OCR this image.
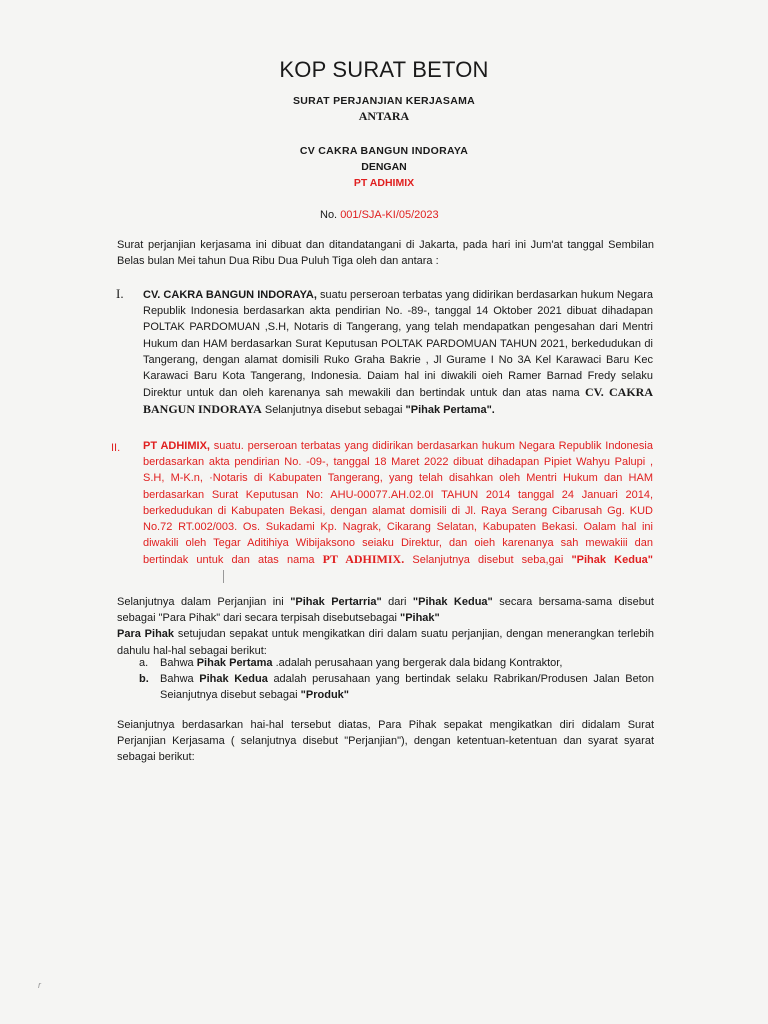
KOP SURAT BETON
SURAT PERJANJIAN KERJASAMA
ANTARA
CV CAKRA BANGUN INDORAYA
DENGAN
PT ADHIMIX
No. 001/SJA-KI/05/2023
Surat perjanjian kerjasama ini dibuat dan ditandatangani di Jakarta, pada hari ini Jum'at tanggal Sembilan Belas bulan Mei tahun Dua Ribu Dua Puluh Tiga oleh dan antara :
I. CV. CAKRA BANGUN INDORAYA, suatu perseroan terbatas yang didirikan berdasarkan hukum Negara Republik Indonesia berdasarkan akta pendirian No. -89-, tanggal 14 Oktober 2021 dibuat dihadapan POLTAK PARDOMUAN ,S.H, Notaris di Tangerang, yang telah mendapatkan pengesahan dari Mentri Hukum dan HAM berdasarkan Surat Keputusan POLTAK PARDOMUAN TAHUN 2021, berkedudukan di Tangerang, dengan alamat domisili Ruko Graha Bakrie , Jl Gurame I No 3A Kel Karawaci Baru Kec Karawaci Baru Kota Tangerang, Indonesia. Daiam hal ini diwakili oieh Ramer Barnad Fredy selaku Direktur untuk dan oleh karenanya sah mewakili dan bertindak untuk dan atas nama CV. CAKRA BANGUN INDORAYA Selanjutnya disebut sebagai "Pihak Pertama".
II. PT ADHIMIX, suatu. perseroan terbatas yang didirikan berdasarkan hukum Negara Republik Indonesia berdasarkan akta pendirian No. -09-, tanggal 18 Maret 2022 dibuat dihadapan Pipiet Wahyu Palupi , S.H, M-K.n, ·Notaris di Kabupaten Tangerang, yang telah disahkan oleh Mentri Hukum dan HAM berdasarkan Surat Keputusan No: AHU-00077.AH.02.0I TAHUN 2014 tanggal 24 Januari 2014, berkedudukan di Kabupaten Bekasi, dengan alamat domisili di Jl. Raya Serang Cibarusah Gg. KUD No.72 RT.002/003. Os. Sukadami Kp. Nagrak, Cikarang Selatan, Kabupaten Bekasi. Oalam hal ini diwakili oleh Tegar Aditihiya Wibijaksono seiaku Direktur, dan oieh karenanya sah mewakiii dan bertindak untuk dan atas nama PT ADHIMIX. Selanjutnya disebut seba,gai "Pihak Kedua"
Selanjutnya dalam Perjanjian ini "Pihak Pertarria" dari "Pihak Kedua" secara bersama-sama disebut sebagai "Para Pihak" dari secara terpisah disebutsebagai "Pihak"
Para Pihak setujudan sepakat untuk mengikatkan diri dalam suatu perjanjian, dengan menerangkan terlebih dahulu hal-hal sebagai berikut:
a. Bahwa Pihak Pertama .adalah perusahaan yang bergerak dala bidang Kontraktor,
b. Bahwa Pihak Kedua adalah perusahaan yang bertindak selaku Rabrikan/Produsen Jalan Beton Seianjutnya disebut sebagai "Produk"
Seianjutnya berdasarkan hai-hal tersebut diatas, Para Pihak sepakat mengikatkan diri didalam Surat Perjanjian Kerjasama ( selanjutnya disebut "Perjanjian"), dengan ketentuan-ketentuan dan syarat syarat sebagai berikut:
r
